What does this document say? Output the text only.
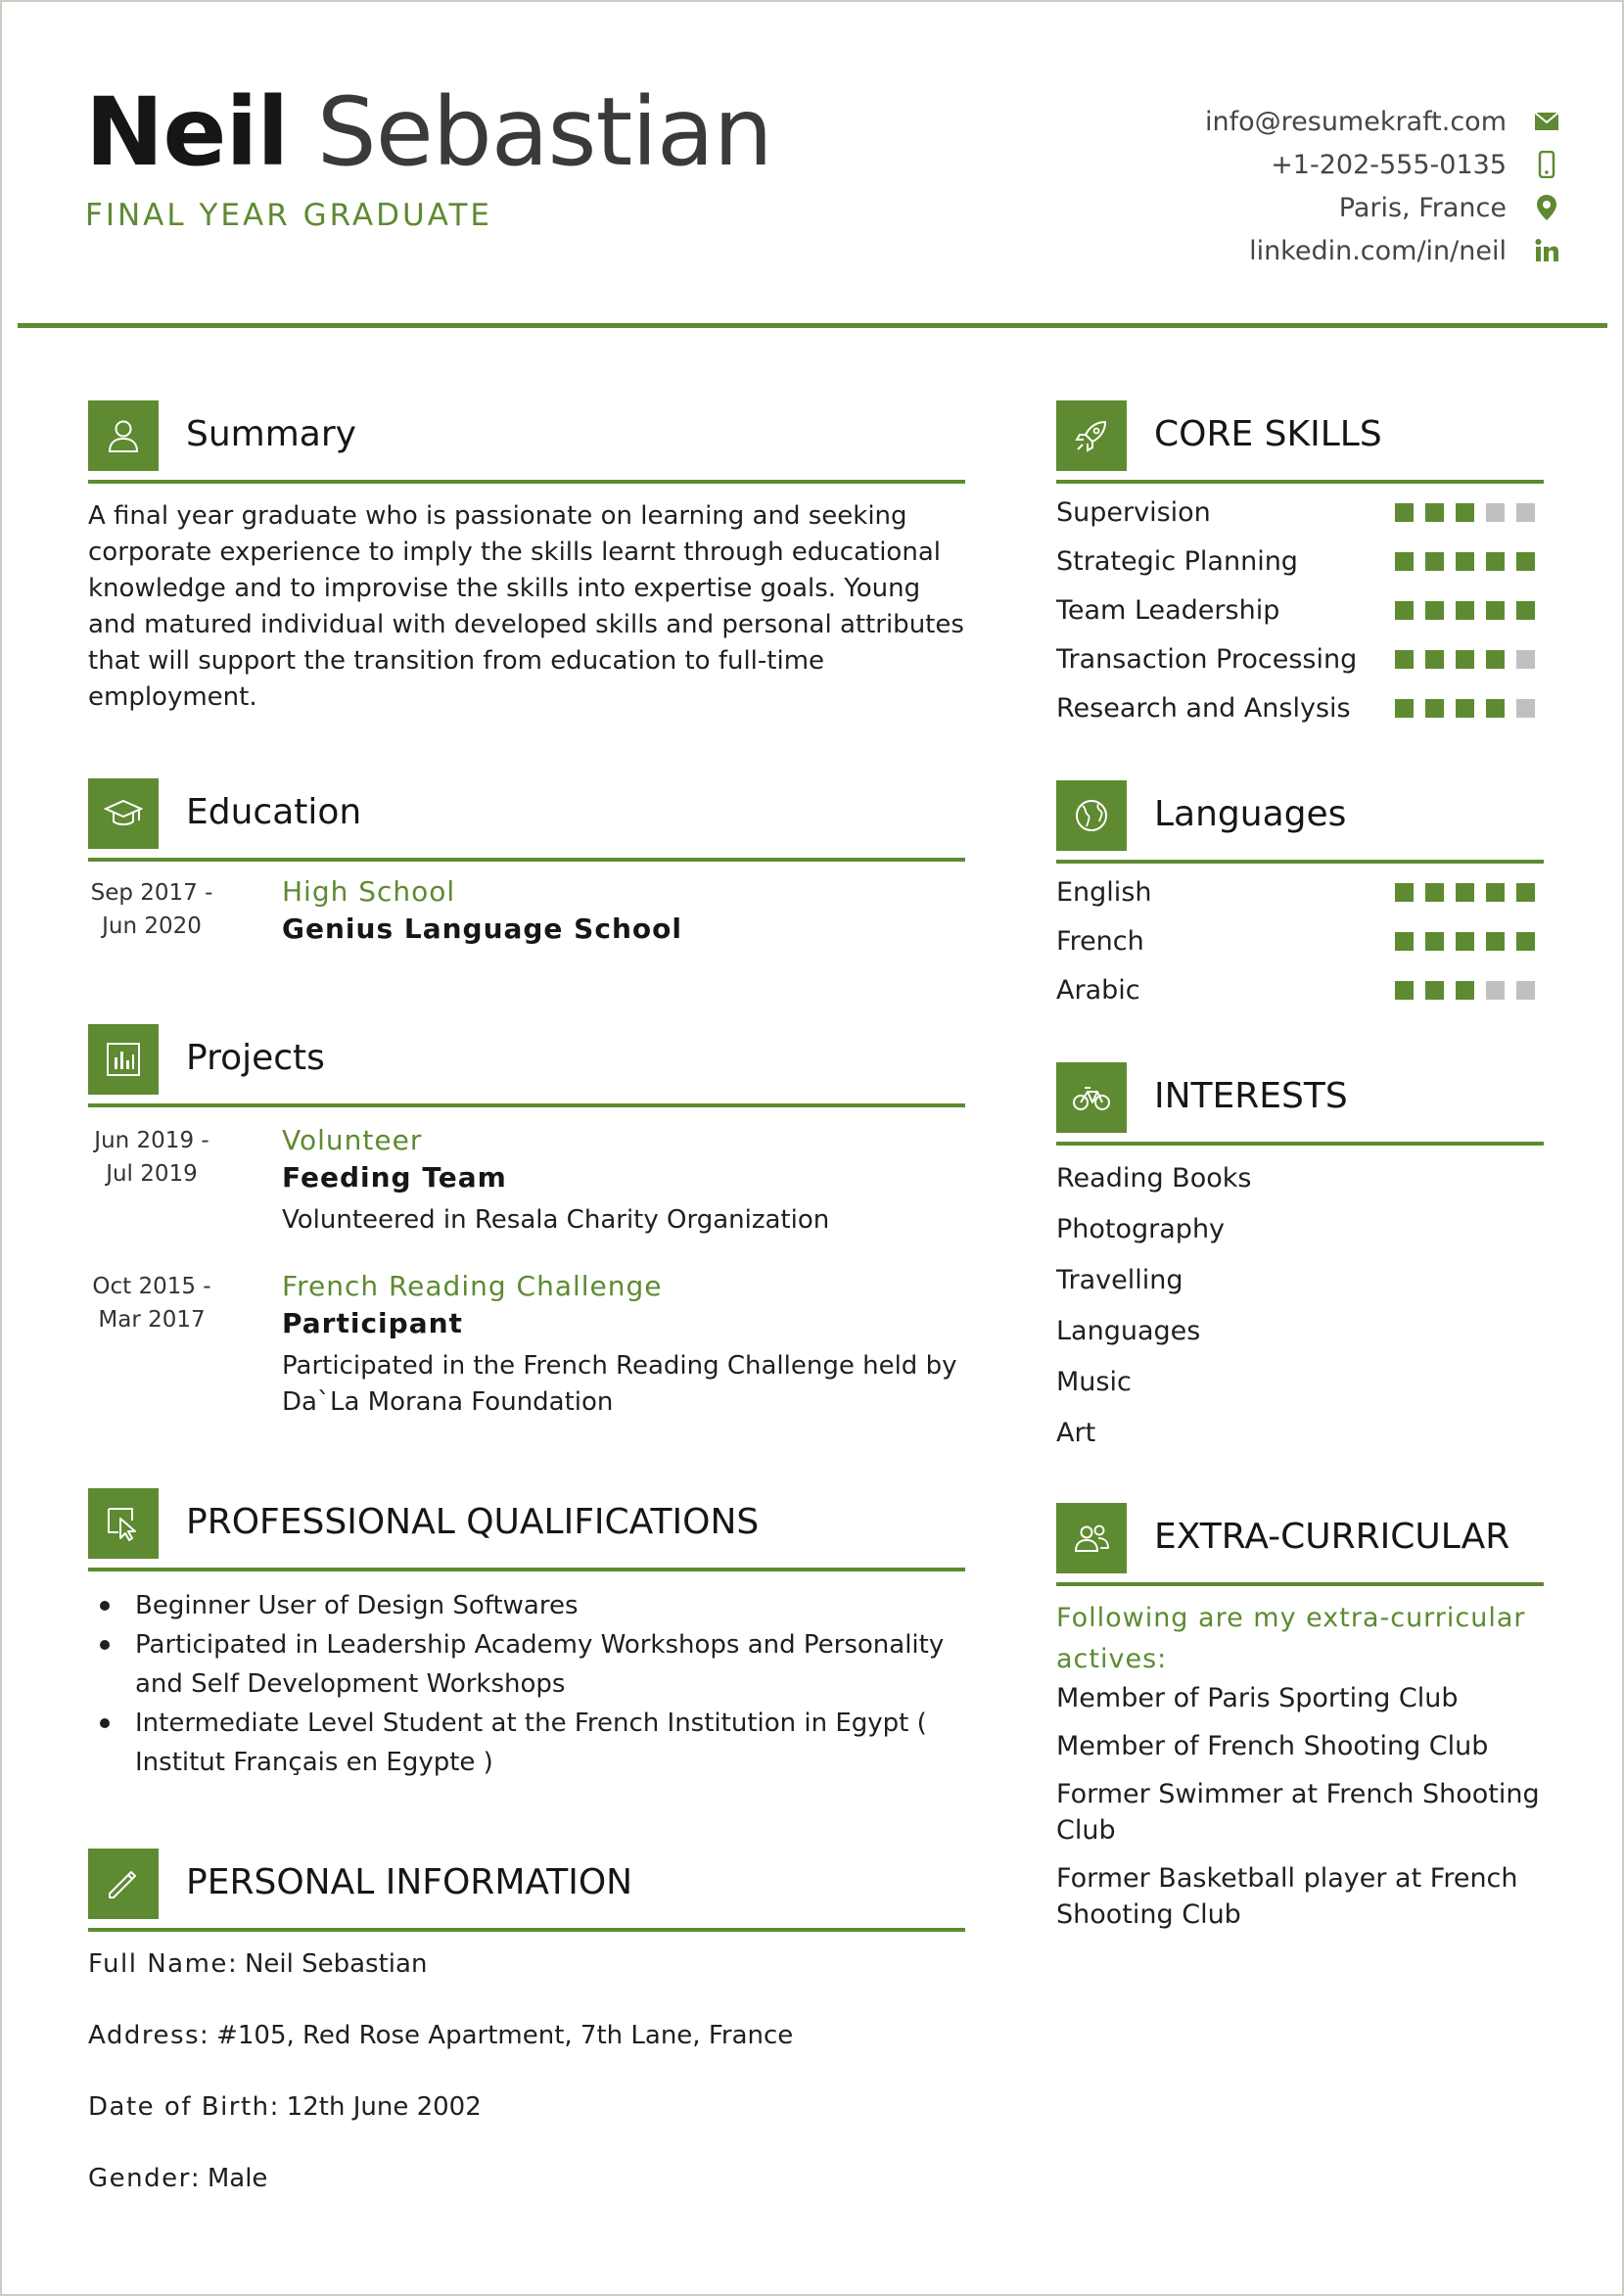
Neil Sebastian
FINAL YEAR GRADUATE
info@resumekraft.com
+1-202-555-0135
Paris, France
linkedin.com/in/neil
Summary
A final year graduate who is passionate on learning and seeking corporate experience to imply the skills learnt through educational knowledge and to improvise the skills into expertise goals. Young and matured individual with developed skills and personal attributes that will support the transition from education to full-time employment.
Education
Sep 2017 -
Jun 2020
High School
Genius Language School
Projects
Jun 2019 -
Jul 2019
Volunteer
Feeding Team
Volunteered in Resala Charity Organization
Oct 2015 -
Mar 2017
French Reading Challenge
Participant
Participated in the French Reading Challenge held by Da`La Morana Foundation
PROFESSIONAL QUALIFICATIONS
Beginner User of Design Softwares
Participated in Leadership Academy Workshops and Personality and Self Development Workshops
Intermediate Level Student at the French Institution in Egypt ( Institut Français en Egypte )
PERSONAL INFORMATION
Full Name: Neil Sebastian
Address: #105, Red Rose Apartment, 7th Lane, France
Date of Birth: 12th June 2002
Gender: Male
CORE SKILLS
Supervision
Strategic Planning
Team Leadership
Transaction Processing
Research and Anslysis
Languages
English
French
Arabic
INTERESTS
Reading Books
Photography
Travelling
Languages
Music
Art
EXTRA-CURRICULAR
Following are my extra-curricular actives:
Member of Paris Sporting Club
Member of French Shooting Club
Former Swimmer at French Shooting Club
Former Basketball player at French Shooting Club
